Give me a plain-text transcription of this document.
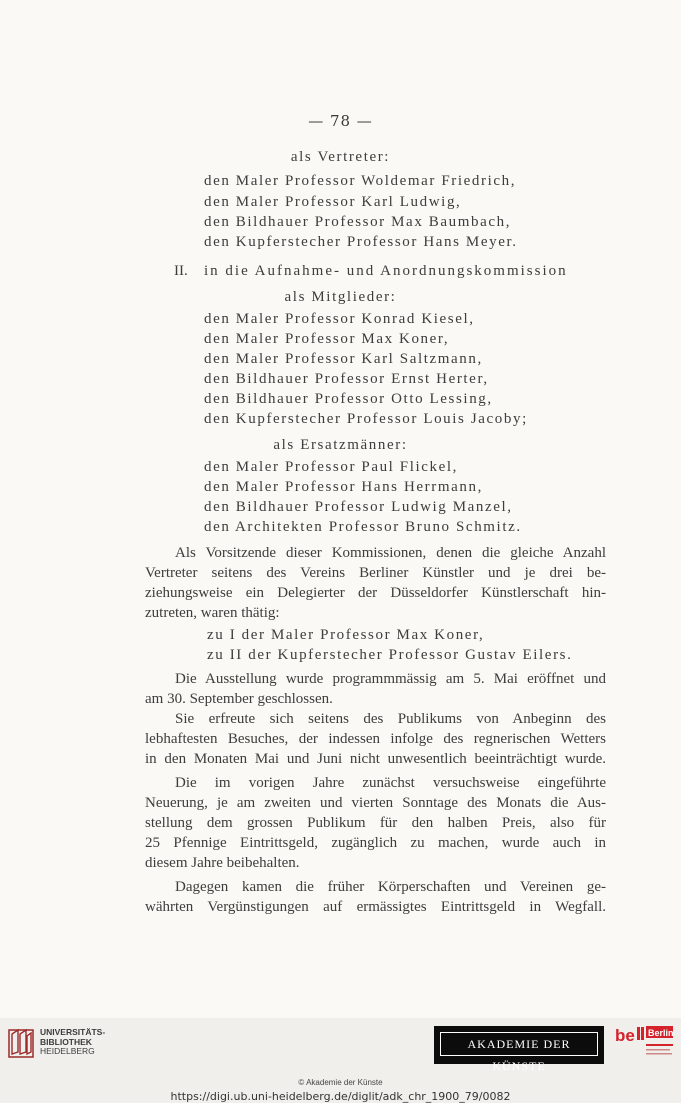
— 78 —
als Vertreter:
den Maler Professor Woldemar Friedrich,
den Maler Professor Karl Ludwig,
den Bildhauer Professor Max Baumbach,
den Kupferstecher Professor Hans Meyer.
II. in die Aufnahme- und Anordnungskommission
als Mitglieder:
den Maler Professor Konrad Kiesel,
den Maler Professor Max Koner,
den Maler Professor Karl Saltzmann,
den Bildhauer Professor Ernst Herter,
den Bildhauer Professor Otto Lessing,
den Kupferstecher Professor Louis Jacoby;
als Ersatzmänner:
den Maler Professor Paul Flickel,
den Maler Professor Hans Herrmann,
den Bildhauer Professor Ludwig Manzel,
den Architekten Professor Bruno Schmitz.
Als Vorsitzende dieser Kommissionen, denen die gleiche Anzahl
Vertreter seitens des Vereins Berliner Künstler und je drei be-
ziehungsweise ein Delegierter der Düsseldorfer Künstlerschaft hin-
zutreten, waren thätig:
zu I der Maler Professor Max Koner,
zu II der Kupferstecher Professor Gustav Eilers.
Die Ausstellung wurde programmmässig am 5. Mai eröffnet und
am 30. September geschlossen.
Sie erfreute sich seitens des Publikums von Anbeginn des
lebhaftesten Besuches, der indessen infolge des regnerischen Wetters
in den Monaten Mai und Juni nicht unwesentlich beeinträchtigt wurde.
Die im vorigen Jahre zunächst versuchsweise eingeführte
Neuerung, je am zweiten und vierten Sonntage des Monats die Aus-
stellung dem grossen Publikum für den halben Preis, also für
25 Pfennige Eintrittsgeld, zugänglich zu machen, wurde auch in
diesem Jahre beibehalten.
Dagegen kamen die früher Körperschaften und Vereinen ge-
währten Vergünstigungen auf ermässigtes Eintrittsgeld in Wegfall.
UNIVERSITÄTS-
BIBLIOTHEK
HEIDELBERG	AKADEMIE DER KÜNSTE
be Berlin
© Akademie der Künste
https://digi.ub.uni-heidelberg.de/diglit/adk_chr_1900_79/0082
